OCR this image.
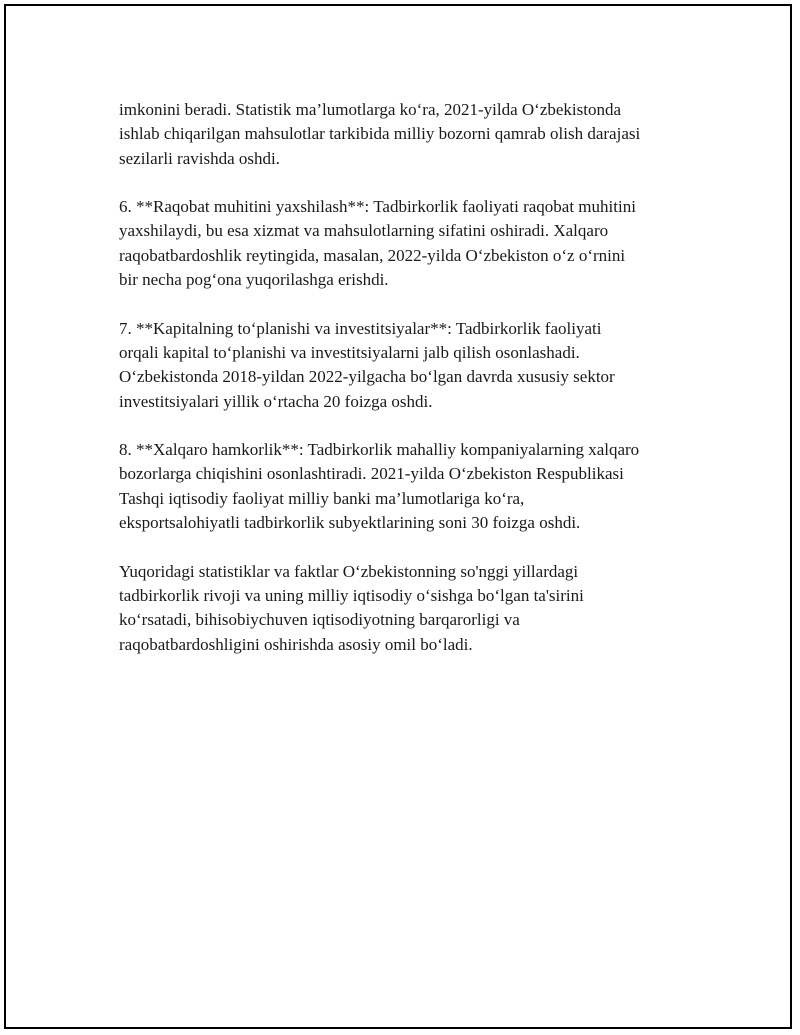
imkonini beradi. Statistik ma’lumotlarga ko‘ra, 2021-yilda O‘zbekistonda
ishlab chiqarilgan mahsulotlar tarkibida milliy bozorni qamrab olish darajasi
sezilarli ravishda oshdi.

6. **Raqobat muhitini yaxshilash**: Tadbirkorlik faoliyati raqobat muhitini
yaxshilaydi, bu esa xizmat va mahsulotlarning sifatini oshiradi. Xalqaro
raqobatbardoshlik reytingida, masalan, 2022-yilda O‘zbekiston o‘z o‘rnini
bir necha pog‘ona yuqorilashga erishdi.

7. **Kapitalning to‘planishi va investitsiyalar**: Tadbirkorlik faoliyati
orqali kapital to‘planishi va investitsiyalarni jalb qilish osonlashadi.
O‘zbekistonda 2018-yildan 2022-yilgacha bo‘lgan davrda xususiy sektor
investitsiyalari yillik o‘rtacha 20 foizga oshdi.

8. **Xalqaro hamkorlik**: Tadbirkorlik mahalliy kompaniyalarning xalqaro
bozorlarga chiqishini osonlashtiradi. 2021-yilda O‘zbekiston Respublikasi
Tashqi iqtisodiy faoliyat milliy banki ma’lumotlariga ko‘ra,
eksportsalohiyatli tadbirkorlik subyektlarining soni 30 foizga oshdi.

Yuqoridagi statistiklar va faktlar O‘zbekistonning so'nggi yillardagi
tadbirkorlik rivoji va uning milliy iqtisodiy o‘sishga bo‘lgan ta'sirini
ko‘rsatadi, bihisobiychuven iqtisodiyotning barqarorligi va
raqobatbardoshligini oshirishda asosiy omil bo‘ladi.
